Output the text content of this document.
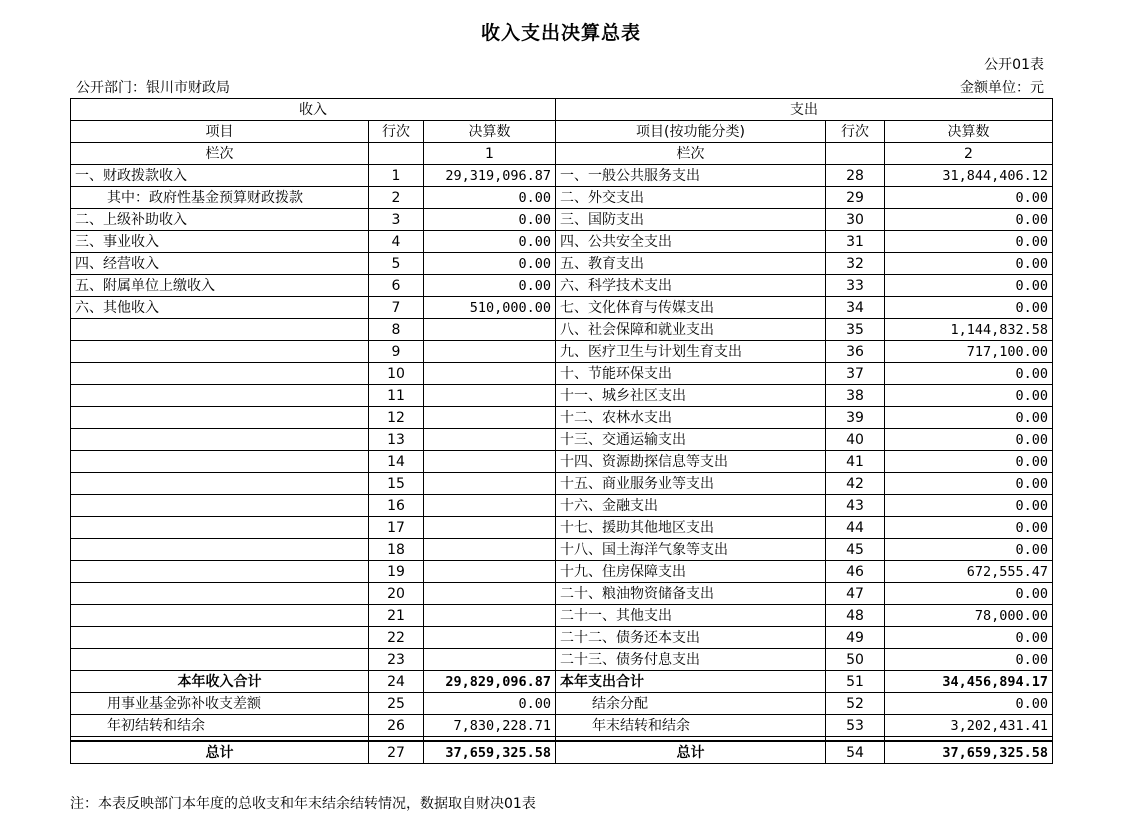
收入支出决算总表
公开01表
公开部门：银川市财政局	金额单位：元
收入			支出		
项目	行次	决算数	项目(按功能分类)	行次	决算数
栏次		1	栏次		2
一、财政拨款收入	1	29,319,096.87	一、一般公共服务支出	28	31,844,406.12
其中：政府性基金预算财政拨款	2	0.00	二、外交支出	29	0.00
二、上级补助收入	3	0.00	三、国防支出	30	0.00
三、事业收入	4	0.00	四、公共安全支出	31	0.00
四、经营收入	5	0.00	五、教育支出	32	0.00
五、附属单位上缴收入	6	0.00	六、科学技术支出	33	0.00
六、其他收入	7	510,000.00	七、文化体育与传媒支出	34	0.00
	8		八、社会保障和就业支出	35	1,144,832.58
	9		九、医疗卫生与计划生育支出	36	717,100.00
	10		十、节能环保支出	37	0.00
	11		十一、城乡社区支出	38	0.00
	12		十二、农林水支出	39	0.00
	13		十三、交通运输支出	40	0.00
	14		十四、资源勘探信息等支出	41	0.00
	15		十五、商业服务业等支出	42	0.00
	16		十六、金融支出	43	0.00
	17		十七、援助其他地区支出	44	0.00
	18		十八、国土海洋气象等支出	45	0.00
	19		十九、住房保障支出	46	672,555.47
	20		二十、粮油物资储备支出	47	0.00
	21		二十一、其他支出	48	78,000.00
	22		二十二、债务还本支出	49	0.00
	23		二十三、债务付息支出	50	0.00
本年收入合计	24	29,829,096.87	本年支出合计	51	34,456,894.17
用事业基金弥补收支差额	25	0.00	结余分配	52	0.00
年初结转和结余	26	7,830,228.71	年末结转和结余	53	3,202,431.41

总计	27	37,659,325.58	总计	54	37,659,325.58
注：本表反映部门本年度的总收支和年末结余结转情况，数据取自财决01表
